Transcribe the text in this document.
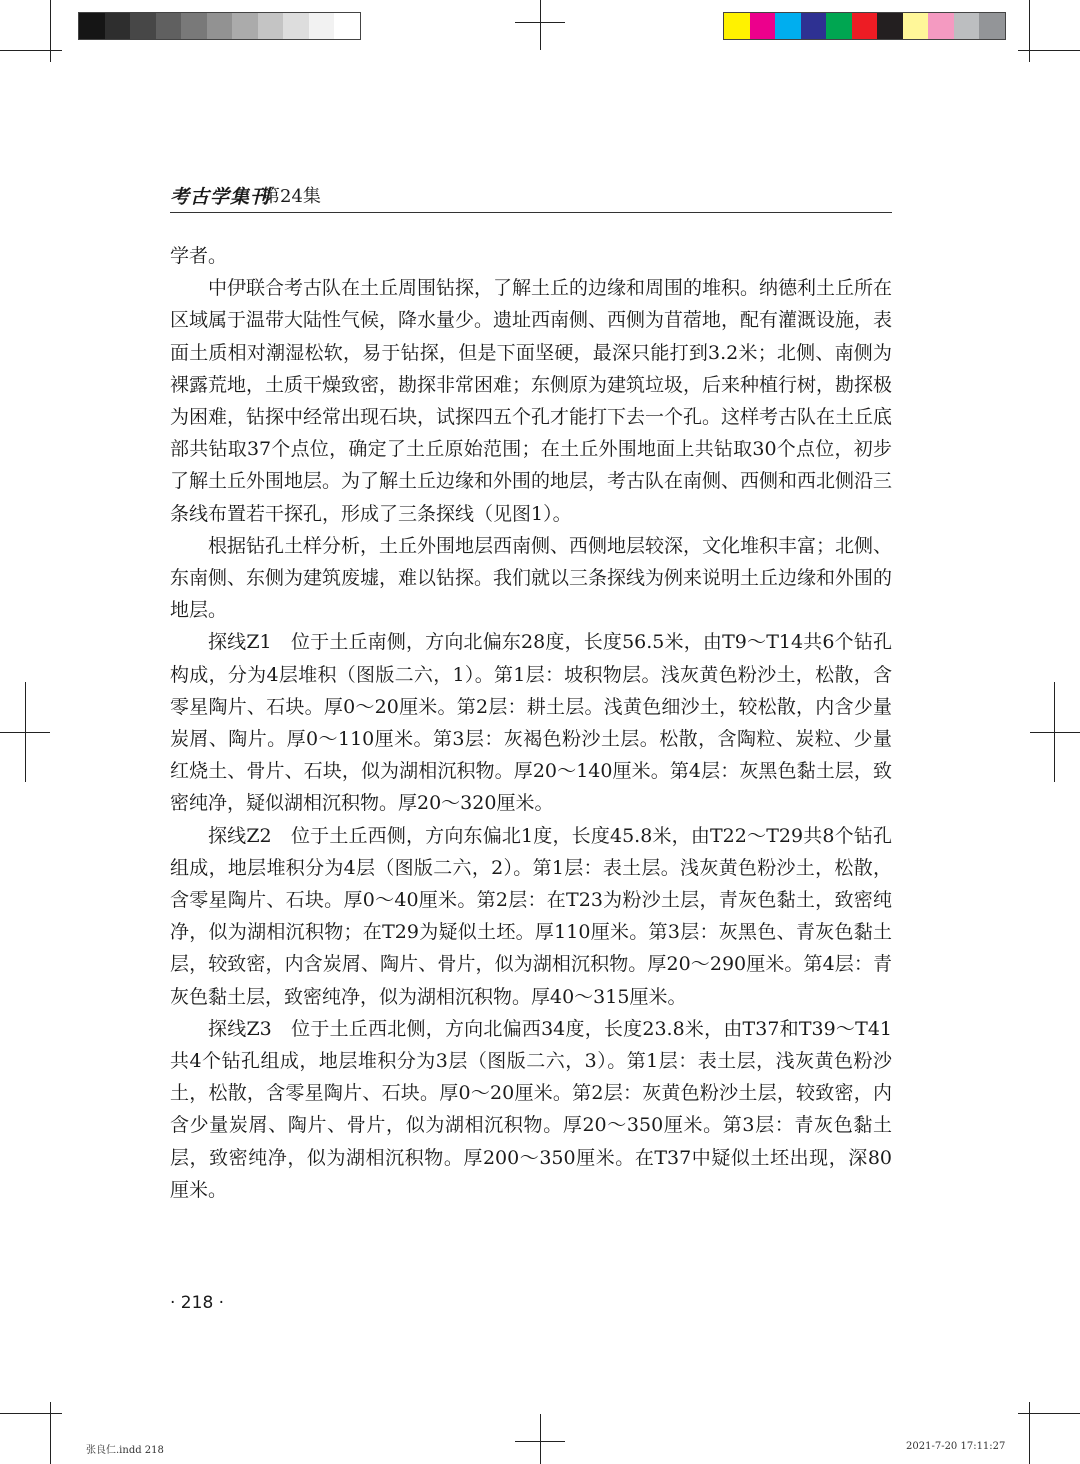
考古学集刊
第24集

学者。

中伊联合考古队在土丘周围钻探，了解土丘的边缘和周围的堆积。纳德利土丘所在区域属于温带大陆性气候，降水量少。遗址西南侧、西侧为苜蓿地，配有灌溉设施，表面土质相对潮湿松软，易于钻探，但是下面坚硬，最深只能打到3.2米；北侧、南侧为裸露荒地，土质干燥致密，勘探非常困难；东侧原为建筑垃圾，后来种植行树，勘探极为困难，钻探中经常出现石块，试探四五个孔才能打下去一个孔。这样考古队在土丘底部共钻取37个点位，确定了土丘原始范围；在土丘外围地面上共钻取30个点位，初步了解土丘外围地层。为了解土丘边缘和外围的地层，考古队在南侧、西侧和西北侧沿三条线布置若干探孔，形成了三条探线（见图1）。

根据钻孔土样分析，土丘外围地层西南侧、西侧地层较深，文化堆积丰富；北侧、东南侧、东侧为建筑废墟，难以钻探。我们就以三条探线为例来说明土丘边缘和外围的地层。

探线Z1　位于土丘南侧，方向北偏东28度，长度56.5米，由T9～T14共6个钻孔构成，分为4层堆积（图版二六，1）。第1层：坡积物层。浅灰黄色粉沙土，松散，含零星陶片、石块。厚0～20厘米。第2层：耕土层。浅黄色细沙土，较松散，内含少量炭屑、陶片。厚0～110厘米。第3层：灰褐色粉沙土层。松散，含陶粒、炭粒、少量红烧土、骨片、石块，似为湖相沉积物。厚20～140厘米。第4层：灰黑色黏土层，致密纯净，疑似湖相沉积物。厚20～320厘米。

探线Z2　位于土丘西侧，方向东偏北1度，长度45.8米，由T22～T29共8个钻孔组成，地层堆积分为4层（图版二六，2）。第1层：表土层。浅灰黄色粉沙土，松散，含零星陶片、石块。厚0～40厘米。第2层：在T23为粉沙土层，青灰色黏土，致密纯净，似为湖相沉积物；在T29为疑似土坯。厚110厘米。第3层：灰黑色、青灰色黏土层，较致密，内含炭屑、陶片、骨片，似为湖相沉积物。厚20～290厘米。第4层：青灰色黏土层，致密纯净，似为湖相沉积物。厚40～315厘米。

探线Z3　位于土丘西北侧，方向北偏西34度，长度23.8米，由T37和T39～T41共4个钻孔组成，地层堆积分为3层（图版二六，3）。第1层：表土层，浅灰黄色粉沙土，松散，含零星陶片、石块。厚0～20厘米。第2层：灰黄色粉沙土层，较致密，内含少量炭屑、陶片、骨片，似为湖相沉积物。厚20～350厘米。第3层：青灰色黏土层，致密纯净，似为湖相沉积物。厚200～350厘米。在T37中疑似土坯出现，深80厘米。

· 218 ·
张良仁.indd 218	2021-7-20 17:11:27
